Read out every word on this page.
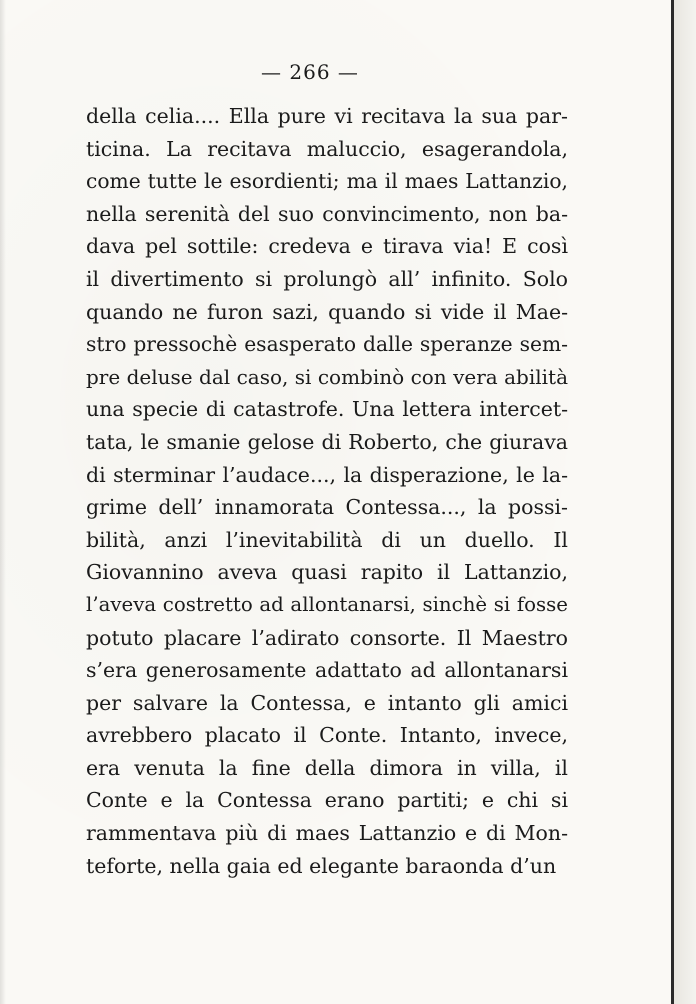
— 266 —
della celia.... Ella pure vi recitava la sua par-
ticina. La recitava maluccio, esagerandola,
come tutte le esordienti; ma il maes Lattanzio,
nella serenità del suo convincimento, non ba-
dava pel sottile: credeva e tirava via! E così
il divertimento si prolungò all’ infinito. Solo
quando ne furon sazi, quando si vide il Mae-
stro pressochè esasperato dalle speranze sem-
pre deluse dal caso, si combinò con vera abilità
una specie di catastrofe. Una lettera intercet-
tata, le smanie gelose di Roberto, che giurava
di sterminar l’audace..., la disperazione, le la-
grime dell’ innamorata Contessa..., la possi-
bilità, anzi l’inevitabilità di un duello. Il
Giovannino aveva quasi rapito il Lattanzio,
l’aveva costretto ad allontanarsi, sinchè si fosse
potuto placare l’adirato consorte. Il Maestro
s’era generosamente adattato ad allontanarsi
per salvare la Contessa, e intanto gli amici
avrebbero placato il Conte. Intanto, invece,
era venuta la fine della dimora in villa, il
Conte e la Contessa erano partiti; e chi si
rammentava più di maes Lattanzio e di Mon-
teforte, nella gaia ed elegante baraonda d’un
